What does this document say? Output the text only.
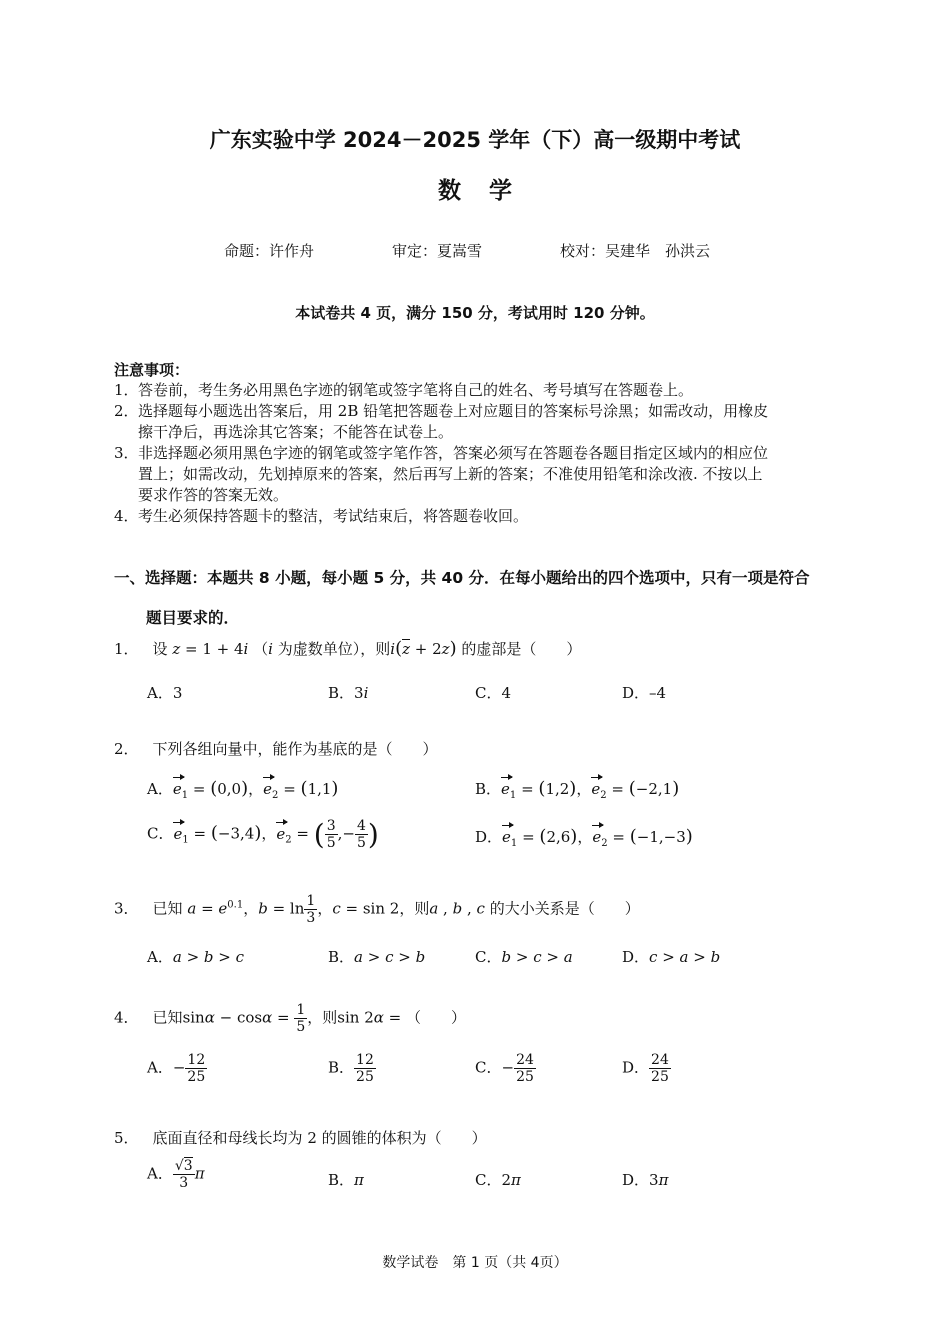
广东实验中学 2024－2025 学年（下）高一级期中考试
数学
命题：许作舟	审定：夏嵩雪	校对：吴建华　孙洪云
本试卷共 4 页，满分 150 分，考试用时 120 分钟。
注意事项：
1．答卷前，考生务必用黑色字迹的钢笔或签字笔将自己的姓名、考号填写在答题卷上。
2．选择题每小题选出答案后，用 2B 铅笔把答题卷上对应题目的答案标号涂黑；如需改动，用橡皮
擦干净后，再选涂其它答案；不能答在试卷上。
3．非选择题必须用黑色字迹的钢笔或签字笔作答，答案必须写在答题卷各题目指定区域内的相应位
置上；如需改动，先划掉原来的答案，然后再写上新的答案；不准使用铅笔和涂改液. 不按以上
要求作答的答案无效。
4．考生必须保持答题卡的整洁，考试结束后，将答题卷收回。
一、选择题：本题共 8 小题，每小题 5 分，共 40 分．在每小题给出的四个选项中，只有一项是符合
题目要求的．
1． 设 z = 1 + 4i （i 为虚数单位），则i(z + 2z) 的虚部是（　　）
A．3	B．3i	C．4	D．–4
2． 下列各组向量中，能作为基底的是（　　）
A．$e_1 = (0,0)$，$e_2 = (1,1)$	B．$e_1 = (1,2)$，$e_2 = (-2,1)$
C．$e_1 = (-3,4)$，$e_2$ = ( $\frac{3}{5}$ ,− $\frac{4}{5}$ )	D．$e_1 = (2,6)$，$e_2 = (-1,-3)$
3． 已知 $a = e^{0.1}$，$b = \ln \frac{1}{3}$ ，c = sin 2，则a , b , c 的大小关系是（　　）
A．a > b > c	B．a > c > b	C．b > c > a	D．c > a > b
4． 已知$\sin\alpha - \cos\alpha = \frac{1}{5}$ ，则sin 2α = （　　）
A．− $\frac{12}{25}$	B． $\frac{12}{25}$	C．− $\frac{24}{25}$	D． $\frac{24}{25}$
5． 底面直径和母线长均为 2 的圆锥的体积为（　　）
A． $\frac{√3}{3}$ π	B．π	C．2π	D．3π
数学试卷　第 1 页（共 4页）
